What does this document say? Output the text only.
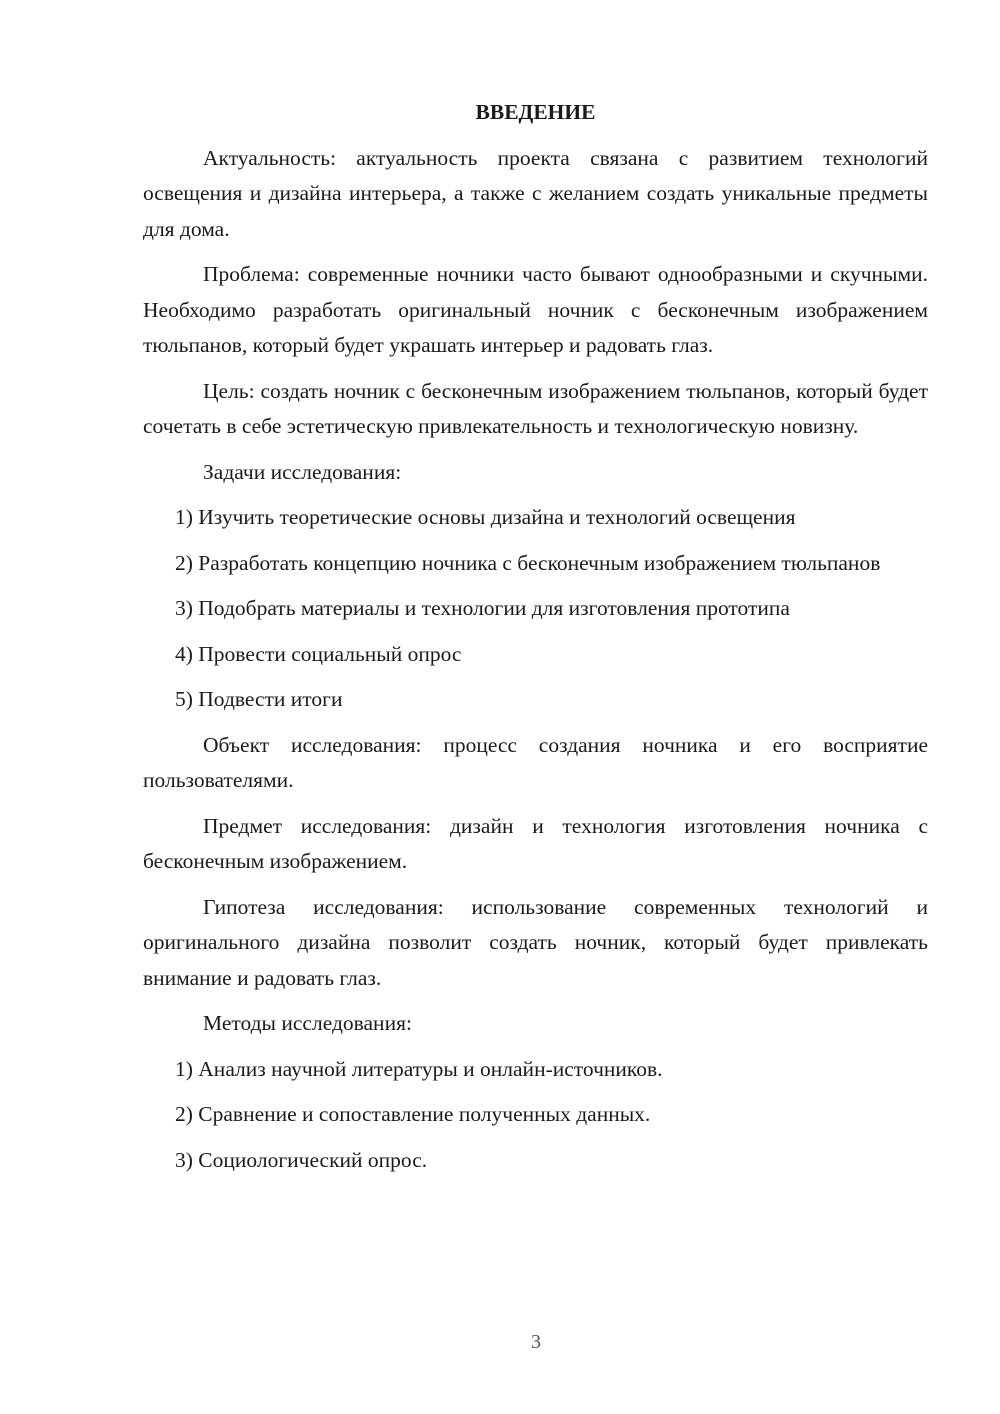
ВВЕДЕНИЕ

Актуальность: актуальность проекта связана с развитием технологий освещения и дизайна интерьера, а также с желанием создать уникальные предметы для дома.

Проблема: современные ночники часто бывают однообразными и скучными. Необходимо разработать оригинальный ночник с бесконечным изображением тюльпанов, который будет украшать интерьер и радовать глаз.

Цель: создать ночник с бесконечным изображением тюльпанов, который будет сочетать в себе эстетическую привлекательность и технологическую новизну.

Задачи исследования:

1) Изучить теоретические основы дизайна и технологий освещения

2) Разработать концепцию ночника с бесконечным изображением тюльпанов

3) Подобрать материалы и технологии для изготовления прототипа

4) Провести социальный опрос

5) Подвести итоги

Объект исследования: процесс создания ночника и его восприятие пользователями.

Предмет исследования: дизайн и технология изготовления ночника с бесконечным изображением.

Гипотеза исследования: использование современных технологий и оригинального дизайна позволит создать ночник, который будет привлекать внимание и радовать глаз.

Методы исследования:

1) Анализ научной литературы и онлайн-источников.

2) Сравнение и сопоставление полученных данных.

3) Социологический опрос.

3
